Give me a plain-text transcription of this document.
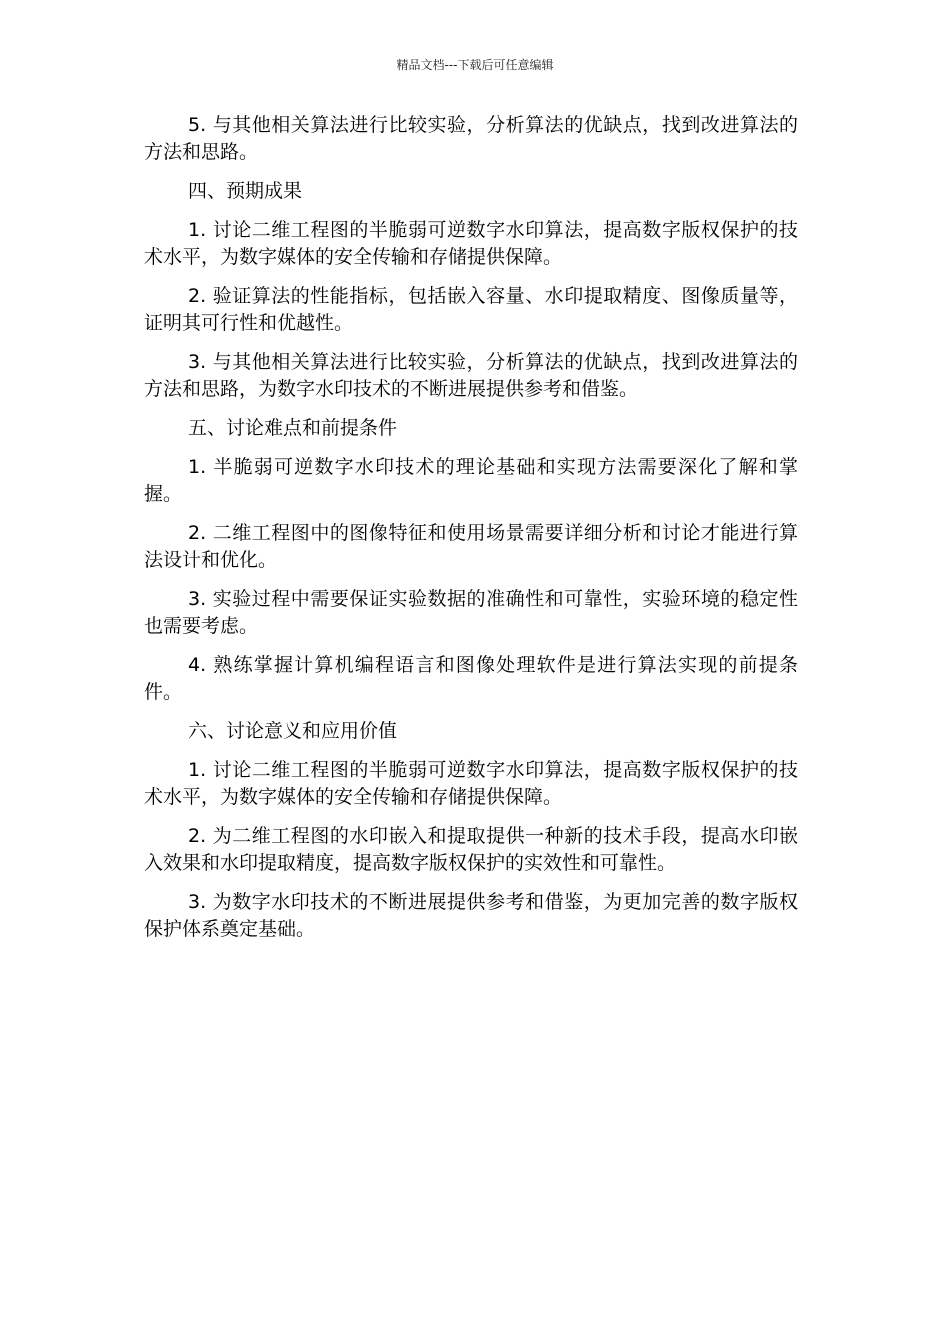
精品文档---下载后可任意编辑

5. 与其他相关算法进行比较实验，分析算法的优缺点，找到改进算法的方法和思路。

四、预期成果

1. 讨论二维工程图的半脆弱可逆数字水印算法，提高数字版权保护的技术水平，为数字媒体的安全传输和存储提供保障。

2. 验证算法的性能指标，包括嵌入容量、水印提取精度、图像质量等，证明其可行性和优越性。

3. 与其他相关算法进行比较实验，分析算法的优缺点，找到改进算法的方法和思路，为数字水印技术的不断进展提供参考和借鉴。

五、讨论难点和前提条件

1. 半脆弱可逆数字水印技术的理论基础和实现方法需要深化了解和掌握。

2. 二维工程图中的图像特征和使用场景需要详细分析和讨论才能进行算法设计和优化。

3. 实验过程中需要保证实验数据的准确性和可靠性，实验环境的稳定性也需要考虑。

4. 熟练掌握计算机编程语言和图像处理软件是进行算法实现的前提条件。

六、讨论意义和应用价值

1. 讨论二维工程图的半脆弱可逆数字水印算法，提高数字版权保护的技术水平，为数字媒体的安全传输和存储提供保障。

2. 为二维工程图的水印嵌入和提取提供一种新的技术手段，提高水印嵌入效果和水印提取精度，提高数字版权保护的实效性和可靠性。

3. 为数字水印技术的不断进展提供参考和借鉴，为更加完善的数字版权保护体系奠定基础。
